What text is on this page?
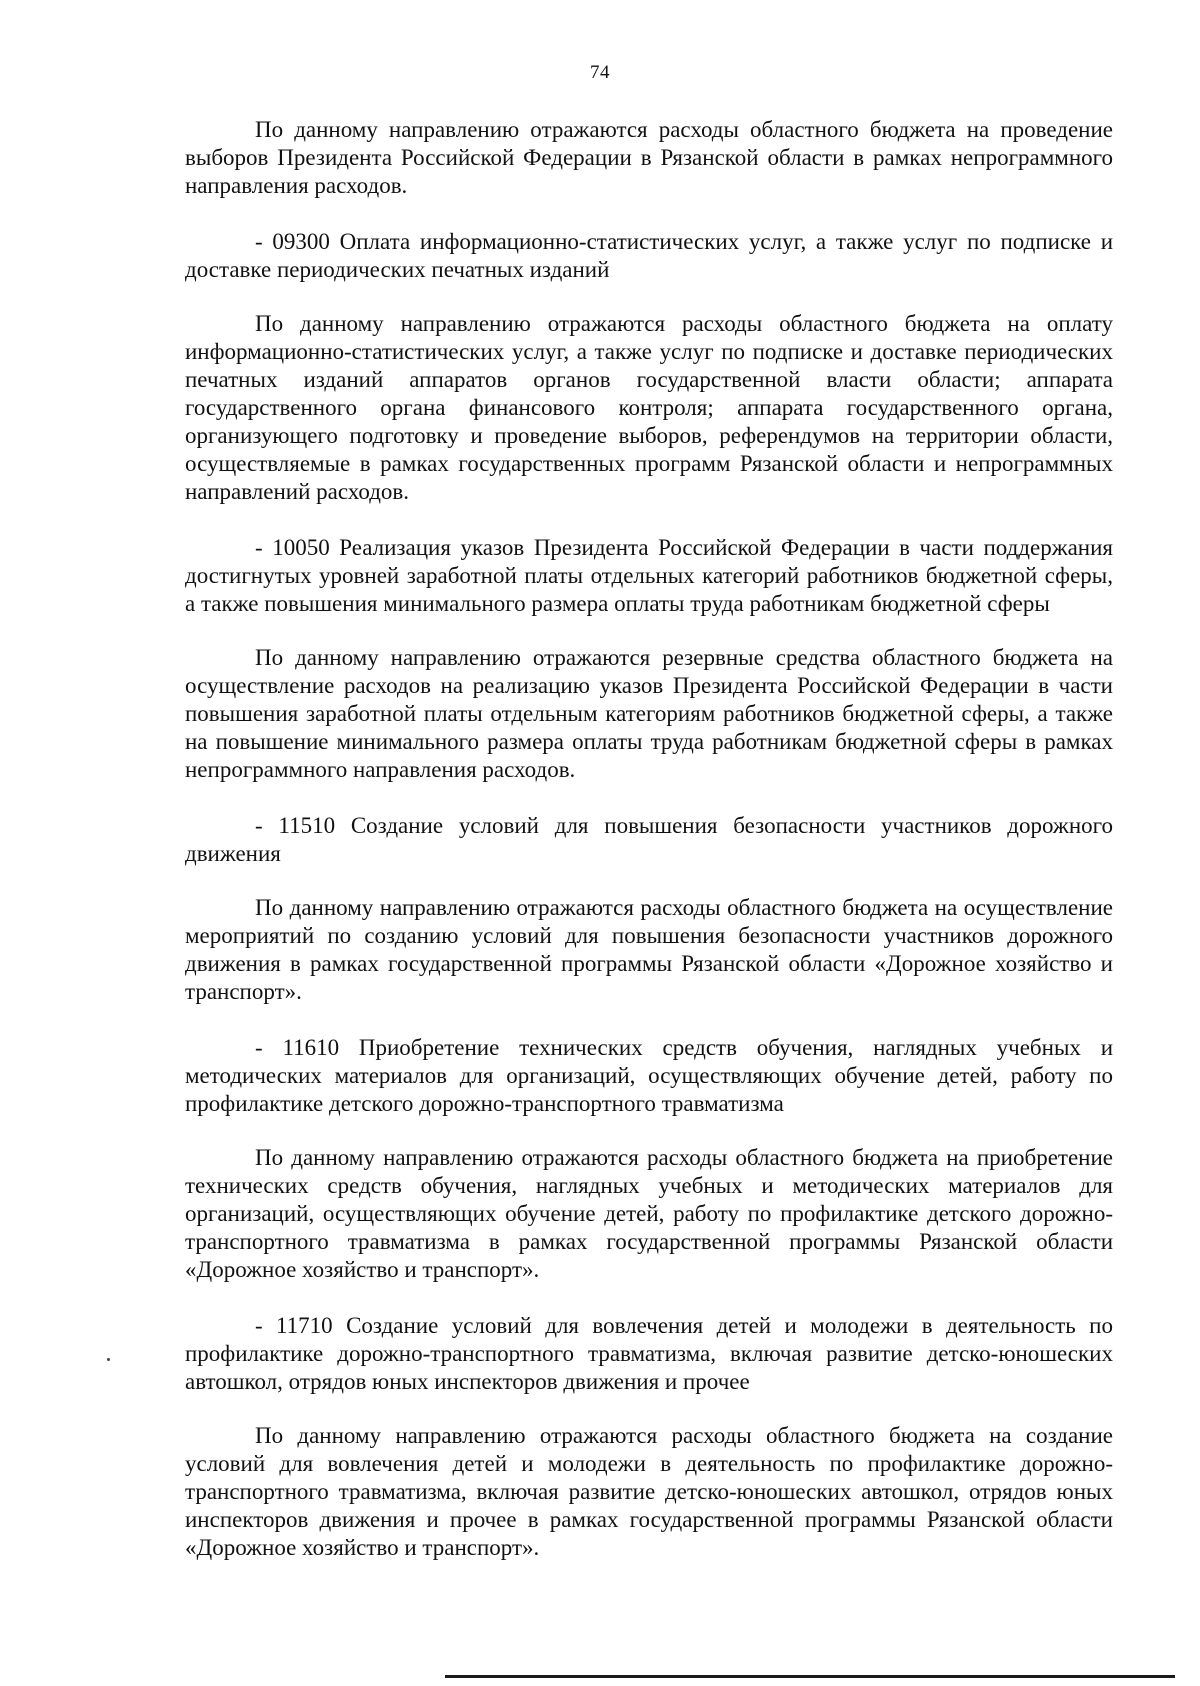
74

По данному направлению отражаются расходы областного бюджета на проведение выборов Президента Российской Федерации в Рязанской области в рамках непрограммного направления расходов.

- 09300 Оплата информационно-статистических услуг, а также услуг по подписке и доставке периодических печатных изданий

По данному направлению отражаются расходы областного бюджета на оплату информационно-статистических услуг, а также услуг по подписке и доставке периодических печатных изданий аппаратов органов государственной власти области; аппарата государственного органа финансового контроля; аппарата государственного органа, организующего подготовку и проведение выборов, референдумов на территории области, осуществляемые в рамках государственных программ Рязанской области и непрограммных направлений расходов.

- 10050 Реализация указов Президента Российской Федерации в части поддержания достигнутых уровней заработной платы отдельных категорий работников бюджетной сферы, а также повышения минимального размера оплаты труда работникам бюджетной сферы

По данному направлению отражаются резервные средства областного бюджета на осуществление расходов на реализацию указов Президента Российской Федерации в части повышения заработной платы отдельным категориям работников бюджетной сферы, а также на повышение минимального размера оплаты труда работникам бюджетной сферы в рамках непрограммного направления расходов.

- 11510 Создание условий для повышения безопасности участников дорожного движения

По данному направлению отражаются расходы областного бюджета на осуществление мероприятий по созданию условий для повышения безопасности участников дорожного движения в рамках государственной программы Рязанской области «Дорожное хозяйство и транспорт».

- 11610 Приобретение технических средств обучения, наглядных учебных и методических материалов для организаций, осуществляющих обучение детей, работу по профилактике детского дорожно-транспортного травматизма

По данному направлению отражаются расходы областного бюджета на приобретение технических средств обучения, наглядных учебных и методических материалов для организаций, осуществляющих обучение детей, работу по профилактике детского дорожно-транспортного травматизма в рамках государственной программы Рязанской области «Дорожное хозяйство и транспорт».

- 11710 Создание условий для вовлечения детей и молодежи в деятельность по профилактике дорожно-транспортного травматизма, включая развитие детско-юношеских автошкол, отрядов юных инспекторов движения и прочее

По данному направлению отражаются расходы областного бюджета на создание условий для вовлечения детей и молодежи в деятельность по профилактике дорожно-транспортного травматизма, включая развитие детско-юношеских автошкол, отрядов юных инспекторов движения и прочее в рамках государственной программы Рязанской области «Дорожное хозяйство и транспорт».
